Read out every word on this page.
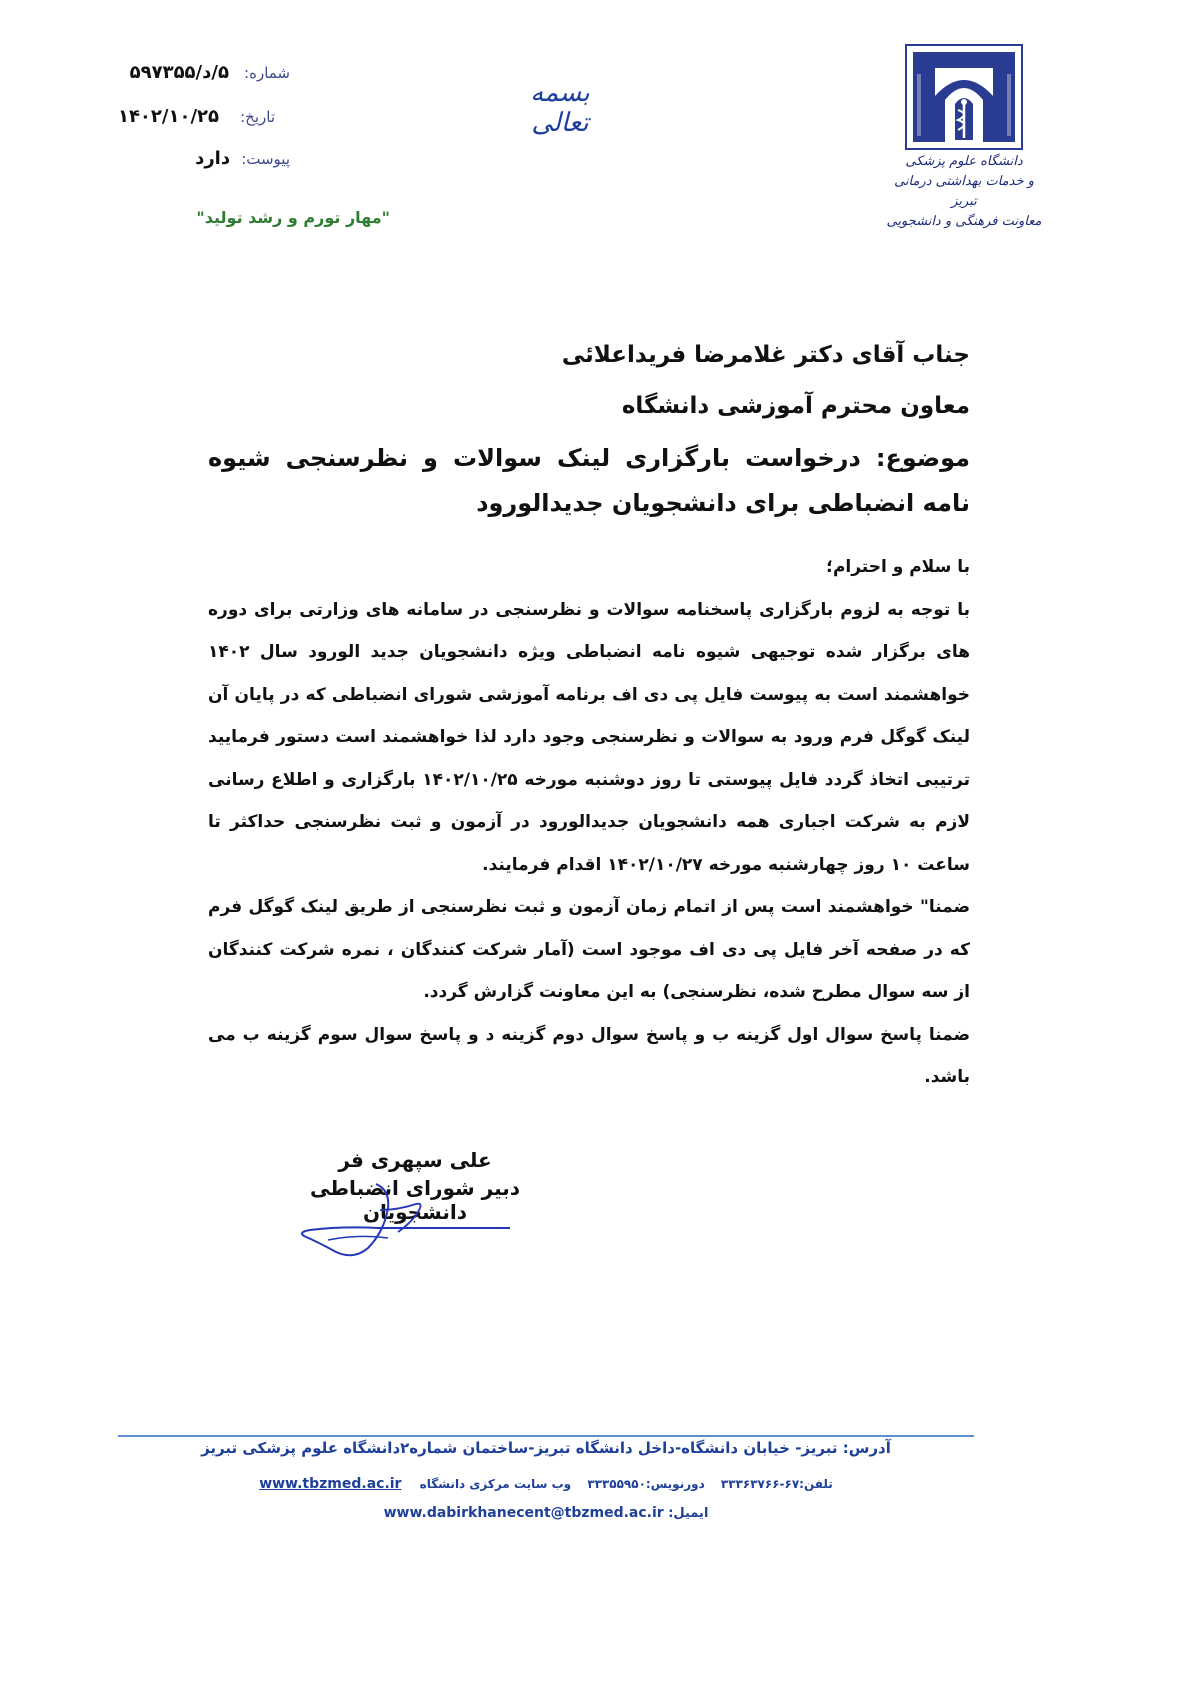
شماره: ۵/د/۵۹۷۳۵۵
تاریخ: ۱۴۰۲/۱۰/۲۵
پیوست: دارد
"مهار تورم و رشد تولید"
بسمه تعالی
دانشگاه علوم پزشکی
و خدمات بهداشتی درمانی تبریز
معاونت فرهنگی و دانشجویی
جناب آقای دکتر غلامرضا فریداعلائی
معاون محترم آموزشی دانشگاه
موضوع: درخواست بارگزاری لینک سوالات و نظرسنجی شیوه نامه انضباطی برای دانشجویان جدیدالورود

با سلام و احترام؛

با توجه به لزوم بارگزاری پاسخنامه سوالات و نظرسنجی در سامانه های وزارتی برای دوره های برگزار شده توجیهی شیوه نامه انضباطی ویژه دانشجویان جدید الورود سال ۱۴۰۲ خواهشمند است به پیوست فایل پی دی اف برنامه آموزشی شورای انضباطی که در پایان آن لینک گوگل فرم ورود به سوالات و نظرسنجی وجود دارد لذا خواهشمند است دستور فرمایید ترتیبی اتخاذ گردد فایل پیوستی تا روز دوشنبه مورخه ۱۴۰۲/۱۰/۲۵ بارگزاری و اطلاع رسانی لازم به شرکت اجباری همه دانشجویان جدیدالورود در آزمون و ثبت نظرسنجی حداکثر تا ساعت ۱۰ روز چهارشنبه مورخه ۱۴۰۲/۱۰/۲۷ اقدام فرمایند.

ضمنا" خواهشمند است پس از اتمام زمان آزمون و ثبت نظرسنجی از طریق لینک گوگل فرم که در صفحه آخر فایل پی دی اف موجود است (آمار شرکت کنندگان ، نمره شرکت کنندگان از سه سوال مطرح شده، نظرسنجی) به این معاونت گزارش گردد.

ضمنا پاسخ سوال اول گزینه ب و پاسخ سوال دوم گزینه د و پاسخ سوال سوم گزینه ب می باشد.

علی سپهری فر
دبیر شورای انضباطی دانشجویان
آدرس: تبریز- خیابان دانشگاه-داخل دانشگاه تبریز-ساختمان شماره۲دانشگاه علوم پزشکی تبریز
تلفن:۶۷-۳۳۳۶۳۷۶۶ دورنویس:۳۳۳۵۵۹۵۰ وب سایت مرکزی دانشگاه www.tbzmed.ac.ir
ایمیل: www.dabirkhanecent@tbzmed.ac.ir
